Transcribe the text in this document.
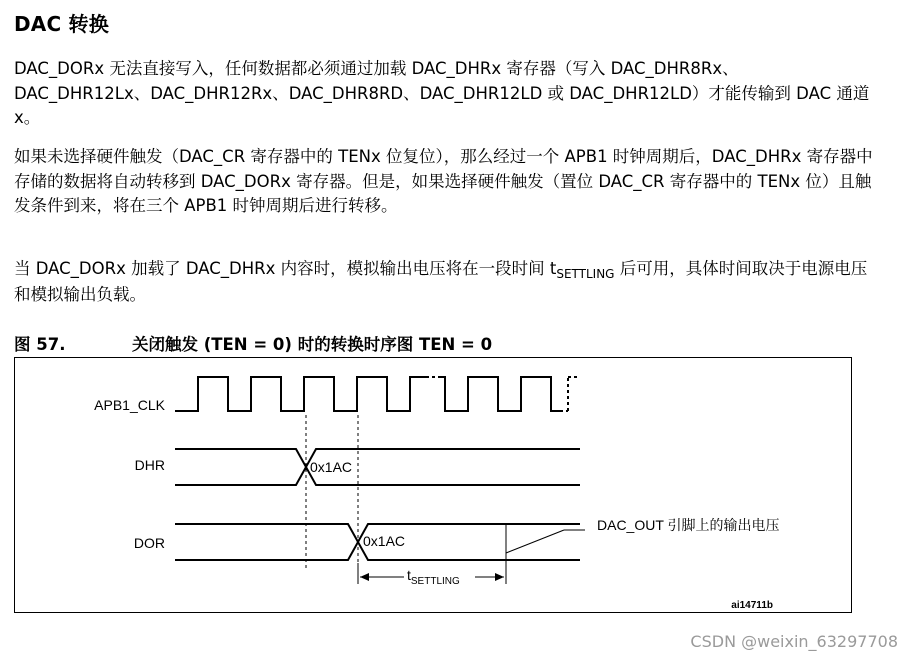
DAC 转换
DAC_DORx 无法直接写入，任何数据都必须通过加载 DAC_DHRx 寄存器（写入 DAC_DHR8Rx、DAC_DHR12Lx、DAC_DHR12Rx、DAC_DHR8RD、DAC_DHR12LD 或 DAC_DHR12LD）才能传输到 DAC 通道 x。
如果未选择硬件触发（DAC_CR 寄存器中的 TENx 位复位），那么经过一个 APB1 时钟周期后，DAC_DHRx 寄存器中存储的数据将自动转移到 DAC_DORx 寄存器。但是，如果选择硬件触发（置位 DAC_CR 寄存器中的 TENx 位）且触发条件到来，将在三个 APB1 时钟周期后进行转移。
当 DAC_DORx 加载了 DAC_DHRx 内容时，模拟输出电压将在一段时间 $t_{SETTLING}$ 后可用，具体时间取决于电源电压和模拟输出负载。
图 57.	关闭触发 (TEN = 0) 时的转换时序图 TEN = 0
APB1_CLK
DHR
DOR
0x1AC
0x1AC
DAC_OUT 引脚上的输出电压
$t_{SETTLING}$
ai14711b
CSDN @weixin_63297708
